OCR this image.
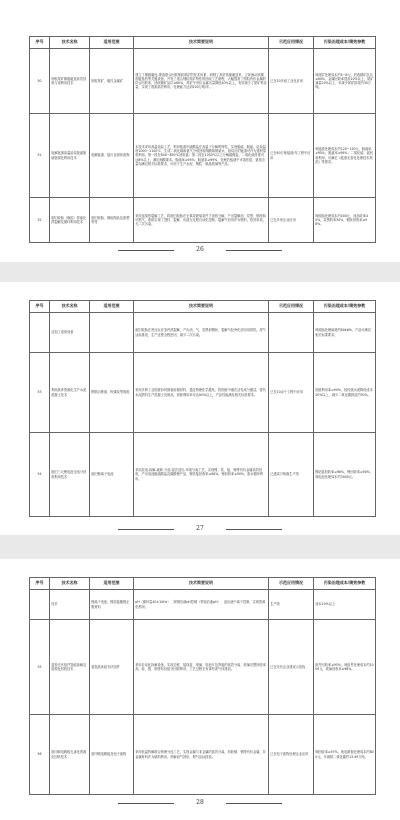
序号	技术名称	适用范围	技术简要说明	示范应用情况	污染治理成本/绩效参数
50	细粒尾矿梯级磁选高效回收与再利用技术	细粒尾矿、磁性金属矿	建立了梯级磁选-重选联合回收细粒尾矿的技术体系，研制了高效浓缩磁选机、立环脉动高梯度磁选机等关键设备，开发了适合细粒尾矿特性的回收工艺流程，大幅提高了细粒有价金属的综合回收率，回收精矿品位≥60%，尾矿中有价金属含量降低40%以上，有效减少了尾矿堆存量，实现了资源高效利用，处理能力达到200万吨/年。	已在20多座工业化应用	吨尾矿处理成本约5~8元，回收精矿品位≥60%，金属回收率提高10%以上，尾矿减量20%以上，年减少尾矿排放约30万吨。
51	电解锰渣高温焙烧脱氨脱硫资源化利用技术	电解锰渣、锰行业固体废物	本技术采用高温焙烧工艺，利用锰渣中硫酸盐在高温下分解的特性，实现脱硫、脱氨。焙烧温度1000~1100℃，生成二氧化硫和氨气分别回收制酸和制氨水，焙烧后的锰渣可作为建材原料利用。第一段在800~850℃回收氨；第二段在1050℃以上分解硫酸盐，二氧化硫浓度可达8%以上，满足制酸要求。脱硫率≥95%，脱氨率≥99%，处理后锰渣中可溶性锰、氨氮含量均满足相关标准要求，可用于生产水泥、陶粒、微晶玻璃等产品。	已在60万吨锰渣/年工程中应用	吨锰渣处理成本约120~150元，脱硫率≥95%，脱氨率≥99%；二氧化硫、氨回收利用，可满足《锰渣无害化处理技术规范》等要求。
52	废旧轮胎（橡胶）智能化热裂解及循环利用技术	废旧轮胎、橡胶制品及废塑料等	采用连续热裂解工艺，将废旧轮胎在无氧或缺氧条件下加热分解，产出裂解油、炭黑、钢丝和可燃气。系统实现了进料、裂解、出渣全过程自动化控制，裂解气回用作为燃料，热效率高，无二次污染。	已在多家企业应用	吨轮胎处理成本约400元，油品收率45%，炭黑收率30%，钢丝回收率≥98%。
26
序号	技术名称	适用范围	技术简要说明	示范应用情况	污染治理成本/绩效参数
	活加工成套设备		废旧轮胎在密闭反应釜内热裂解，产出油、气、炭黑和钢丝，裂解气经净化后回用供热，尾气达标排放，生产过程全程密闭，减少二次污染。		吨轮胎处理能耗约80kWh，产品可满足相关标准要求。
53	利用废弃资源化生产水泥混凝土技术	钢铁冶炼渣、粉煤灰等固废	采用多种工业固废协同制备胶凝材料，通过物理化学激发，将固废中潜在活性成分激活，替代水泥熟料生产混凝土及制品，固废利用率可达90%以上，产品性能满足相关标准要求。	已在10余个工程中应用	固废利用率≥90%，较传统水泥降低成本20%以上，减少二氧化碳排放约30%。
54	废旧三元锂电池全组分回收利用技术	废旧锂离子电池	采用放电-拆解-破碎-分选-湿法浸出-萃取分离工艺，实现镍、钴、锰、锂等有价金属高效回收，产出电池级硫酸盐及碳酸锂产品，镍钴锰回收率≥98%，锂回收率≥90%，废水循环利用。	已建成万吨级生产线	镍钴锰回收率≥98%，锂回收率≥90%，吨电池处理成本约3000元。
27
序号	技术名称	适用范围	技术简要说明	示范应用情况	污染治理成本/绩效参数
	技术	锂离子电池、镍钴锰酸锂正极材料	pH（循环量40±10Hz）、除铜后液pH控制（铁铝后液pH）、浸出液中离子控制，实现资源化利用。	生产线	成本10%以上
55	退役光伏组件智能拆解及资源化回收技术	退役晶体硅光伏组件	采用自动化拆解设备，实现边框、接线盒、玻璃、电池片及背板的高效分离，玻璃完整回收率高，硅、银、铜等有价组分回收利用，工艺过程无有毒有害气体排放。	已在光伏企业建成示范线	组件回收率≥95%，吨组件处理成本约1000元，玻璃回收率≥98%。
56	废印刷电路板无害化资源化回收技术	废印刷电路板及电子废物	采用低温热解联合物理分选工艺，实现金属与非金属的高效分离，回收铜、锡等有价金属，非金属材料作为填料利用，热解油气回用，烟气达标排放。	已在电子废物处理企业应用	铜回收率≥97%，吨电路板处理成本约800元，年减排二氧化碳约13.49万吨。
28
